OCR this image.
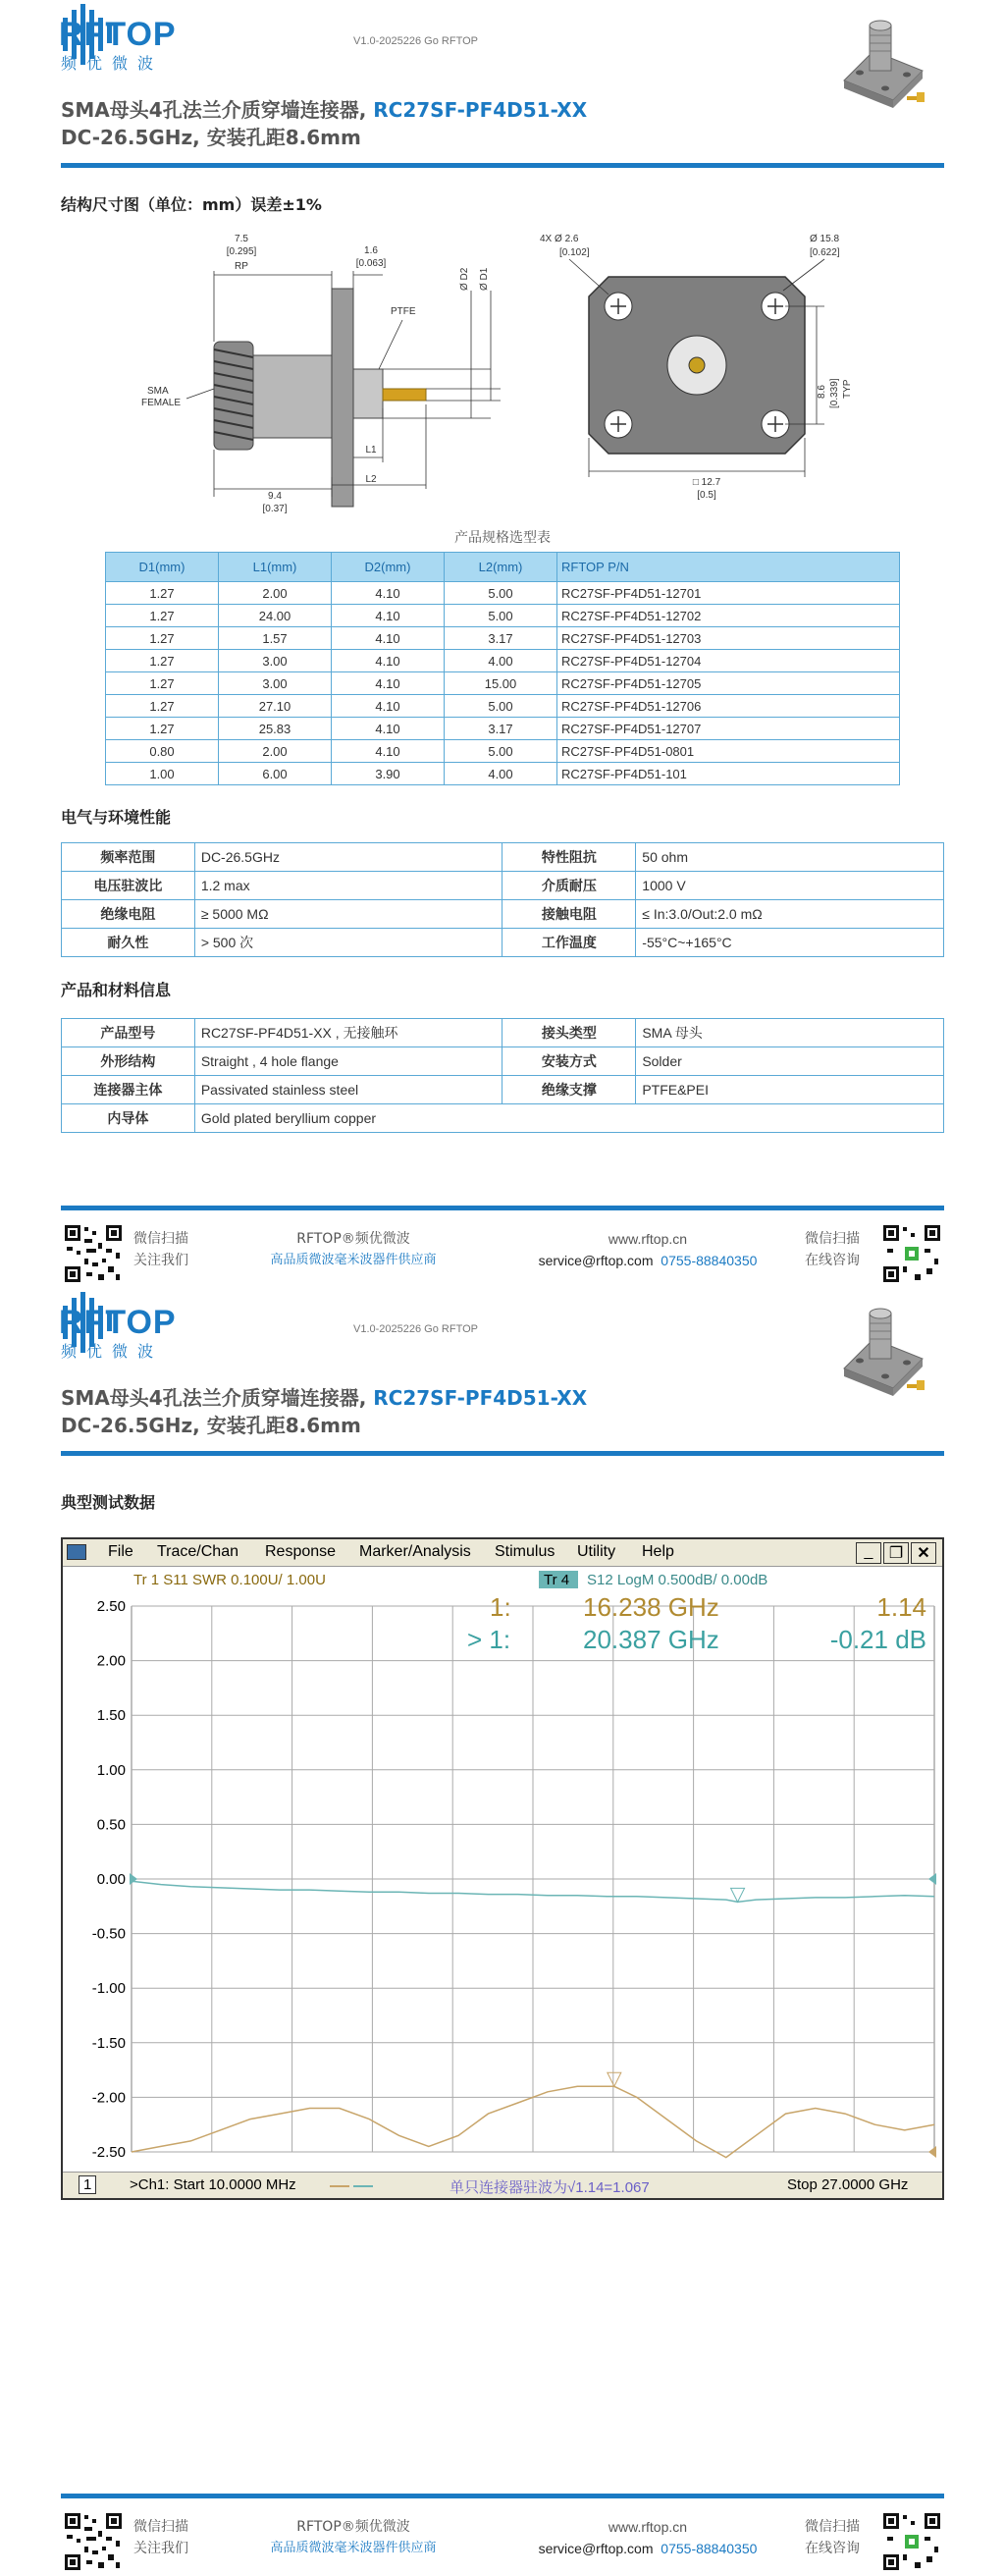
RFTOP
频优微波
V1.0-2025226 Go RFTOP
SMA母头4孔法兰介质穿墙连接器, RC27SF-PF4D51-XX
DC-26.5GHz, 安装孔距8.6mm
结构尺寸图（单位：mm）误差±1%
7.5
[0.295]
RP
1.6
[0.063]
PTFE
SMA
FEMALE
L1
L2
9.4
[0.37]
Ø D2 Ø D1
4X Ø 2.6
[0.102]
Ø 15.8
[0.622]
8.6 [0.339] TYP
□ 12.7
[0.5]
产品规格选型表
D1(mm)	L1(mm)	D2(mm)	L2(mm)	RFTOP P/N
1.27	2.00	4.10	5.00	RC27SF-PF4D51-12701
1.27	24.00	4.10	5.00	RC27SF-PF4D51-12702
1.27	1.57	4.10	3.17	RC27SF-PF4D51-12703
1.27	3.00	4.10	4.00	RC27SF-PF4D51-12704
1.27	3.00	4.10	15.00	RC27SF-PF4D51-12705
1.27	27.10	4.10	5.00	RC27SF-PF4D51-12706
1.27	25.83	4.10	3.17	RC27SF-PF4D51-12707
0.80	2.00	4.10	5.00	RC27SF-PF4D51-0801
1.00	6.00	3.90	4.00	RC27SF-PF4D51-101
电气与环境性能
频率范围	DC-26.5GHz	特性阻抗	50 ohm
电压驻波比	1.2 max	介质耐压	1000 V
绝缘电阻	≥ 5000 MΩ	接触电阻	≤ In:3.0/Out:2.0 mΩ
耐久性	> 500 次	工作温度	-55°C~+165°C
产品和材料信息
产品型号	RC27SF-PF4D51-XX , 无接触环	接头类型	SMA 母头
外形结构	Straight , 4 hole flange	安装方式	Solder
连接器主体	Passivated stainless steel	绝缘支撑	PTFE&PEI
内导体	Gold plated beryllium copper		
微信扫描
关注我们
RFTOP®频优微波
高品质微波毫米波器件供应商
www.rftop.cn
service@rftop.com 0755-88840350
微信扫描
在线咨询
RFTOP
频优微波
V1.0-2025226 Go RFTOP
SMA母头4孔法兰介质穿墙连接器, RC27SF-PF4D51-XX
DC-26.5GHz, 安装孔距8.6mm
典型测试数据
微信扫描
关注我们
RFTOP®频优微波
高品质微波毫米波器件供应商
www.rftop.cn
service@rftop.com 0755-88840350
微信扫描
在线咨询
File Trace/Chan Response Marker/Analysis Stimulus Utility Help	✕
❐
_
2.50
2.00
1.50
1.00
0.50
0.00
-0.50
-1.00
-1.50
-2.00
-2.50
Tr 1 S11 SWR 0.100U/ 1.00U	Tr 4 S12 LogM 0.500dB/ 0.00dB
1:	16.238 GHz	1.14
> 1:	20.387 GHz	-0.21 dB
1	>Ch1: Start 10.0000 MHz	单只连接器驻波为√1.14=1.067	Stop 27.0000 GHz
